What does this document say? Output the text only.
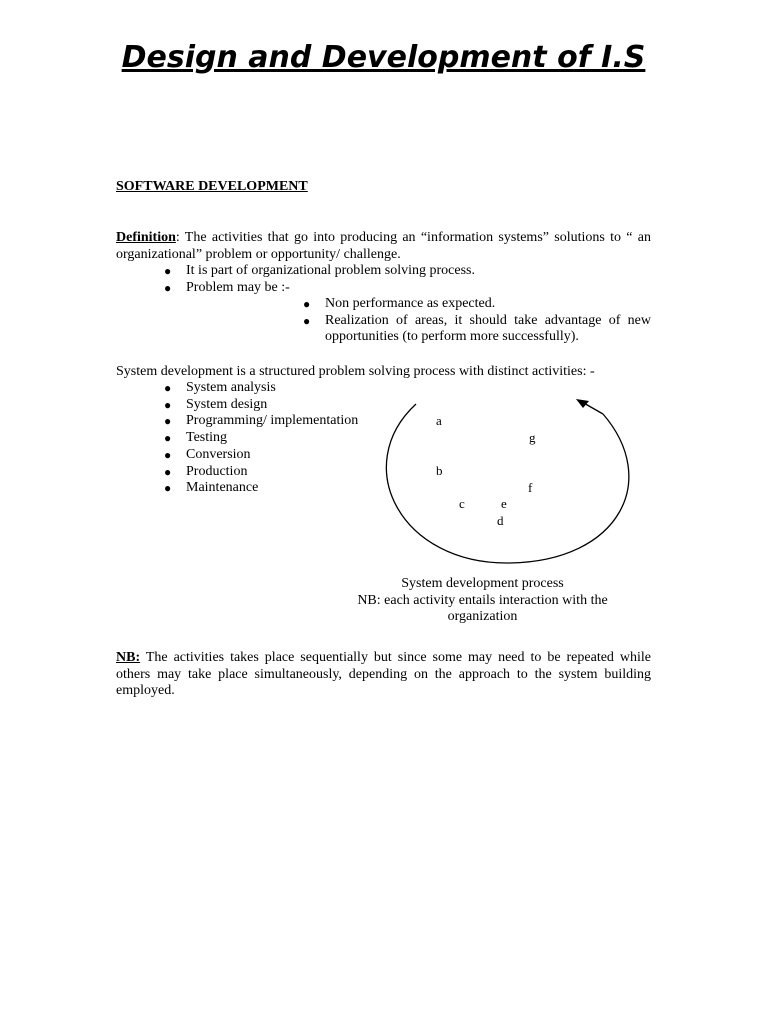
Design and Development of I.S
SOFTWARE DEVELOPMENT
Definition: The activities that go into producing an “information systems” solutions to “ an organizational” problem or opportunity/ challenge.
● It is part of organizational problem solving process.
● Problem may be :-
● Non performance as expected.
● Realization of areas, it should take advantage of new opportunities (to perform more successfully).
System development is a structured problem solving process with distinct activities: -
● System analysis
● System design
● Programming/ implementation
● Testing
● Conversion
● Production
● Maintenance
a
g
b
f
c	e
d
System development process
NB: each activity entails interaction with the organization
NB: The activities takes place sequentially but since some may need to be repeated while others may take place simultaneously, depending on the approach to the system building employed.
